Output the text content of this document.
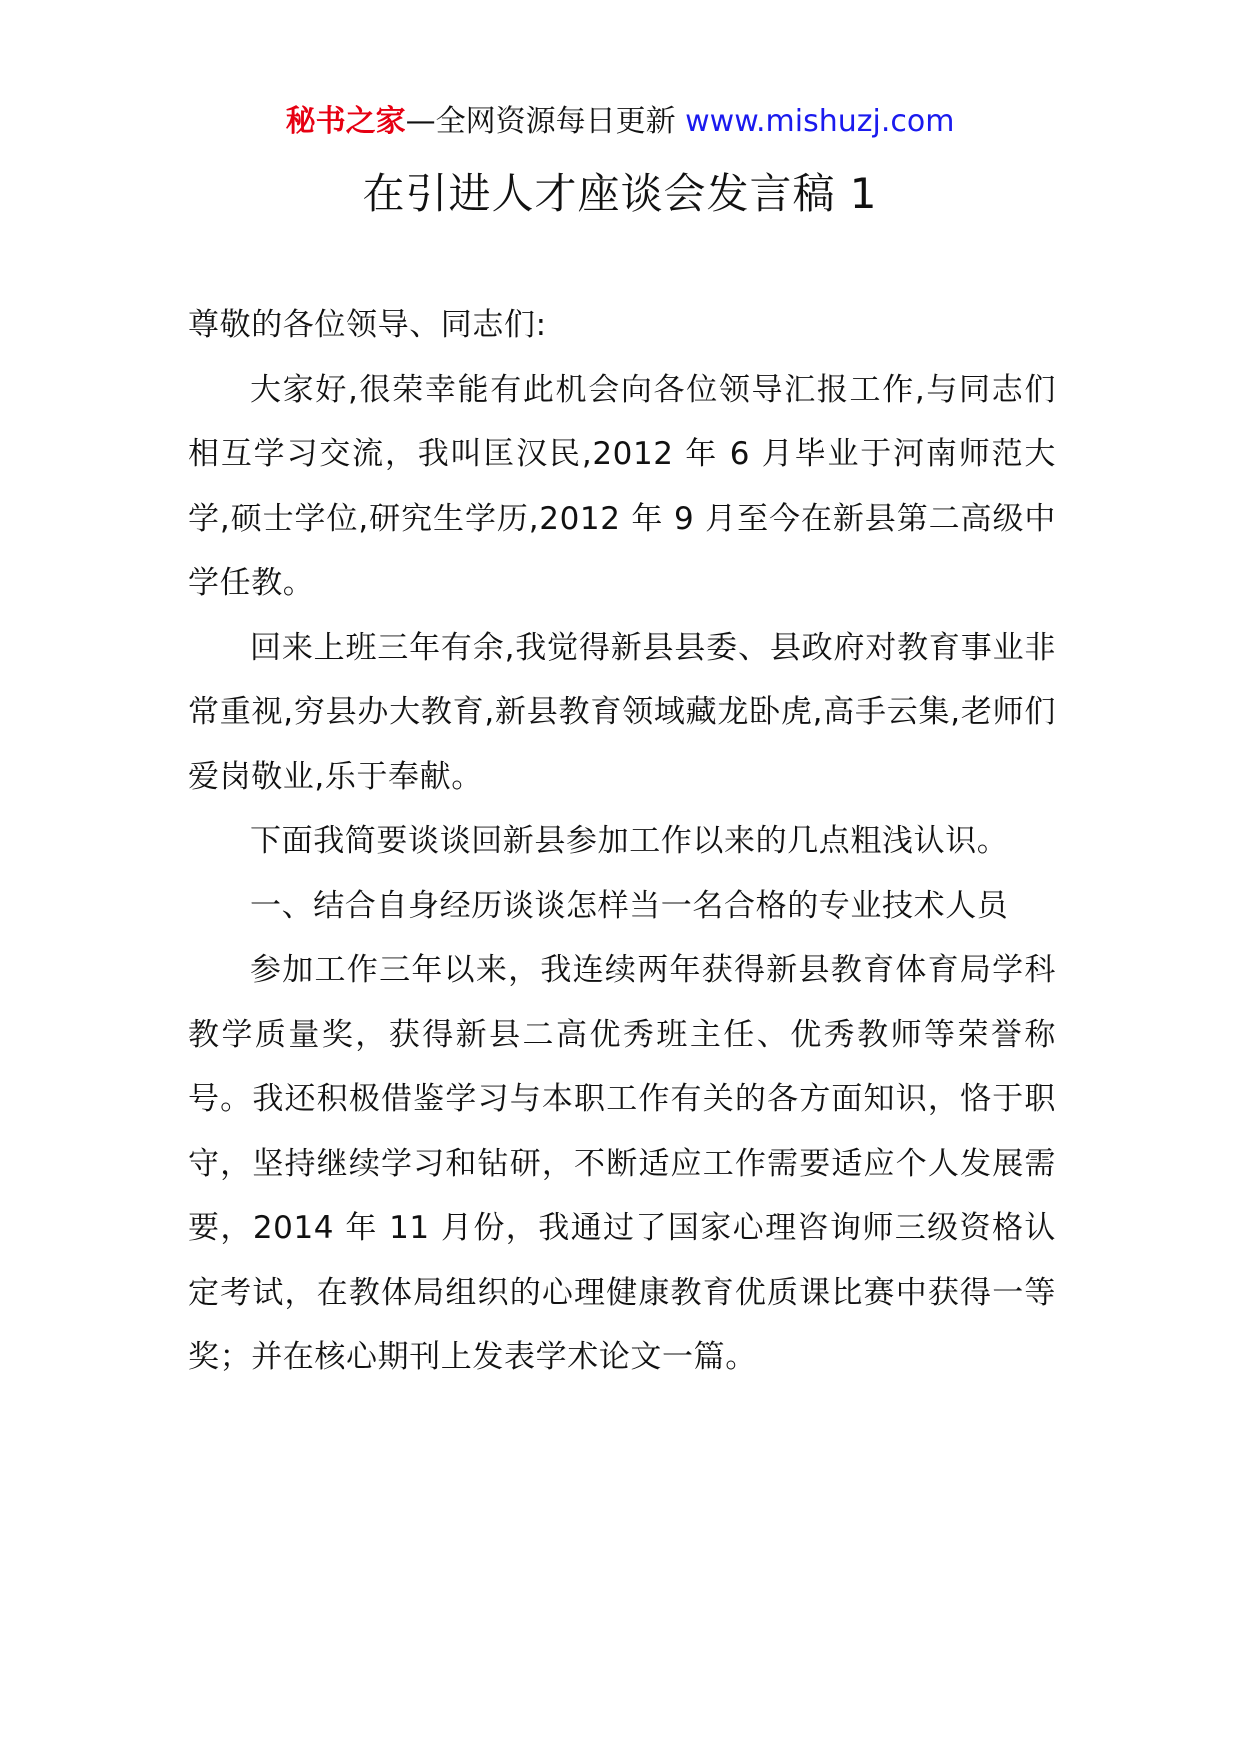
秘书之家—全网资源每日更新 www.mishuzj.com
在引进人才座谈会发言稿 1

尊敬的各位领导、同志们:

大家好,很荣幸能有此机会向各位领导汇报工作,与同志们相互学习交流，我叫匡汉民,2012 年 6 月毕业于河南师范大学,硕士学位,研究生学历,2012 年 9 月至今在新县第二高级中学任教。

回来上班三年有余,我觉得新县县委、县政府对教育事业非常重视,穷县办大教育,新县教育领域藏龙卧虎,高手云集,老师们爱岗敬业,乐于奉献。

下面我简要谈谈回新县参加工作以来的几点粗浅认识。

一、结合自身经历谈谈怎样当一名合格的专业技术人员

参加工作三年以来，我连续两年获得新县教育体育局学科教学质量奖，获得新县二高优秀班主任、优秀教师等荣誉称号。我还积极借鉴学习与本职工作有关的各方面知识，恪于职守，坚持继续学习和钻研，不断适应工作需要适应个人发展需要，2014 年 11 月份，我通过了国家心理咨询师三级资格认定考试，在教体局组织的心理健康教育优质课比赛中获得一等奖；并在核心期刊上发表学术论文一篇。
